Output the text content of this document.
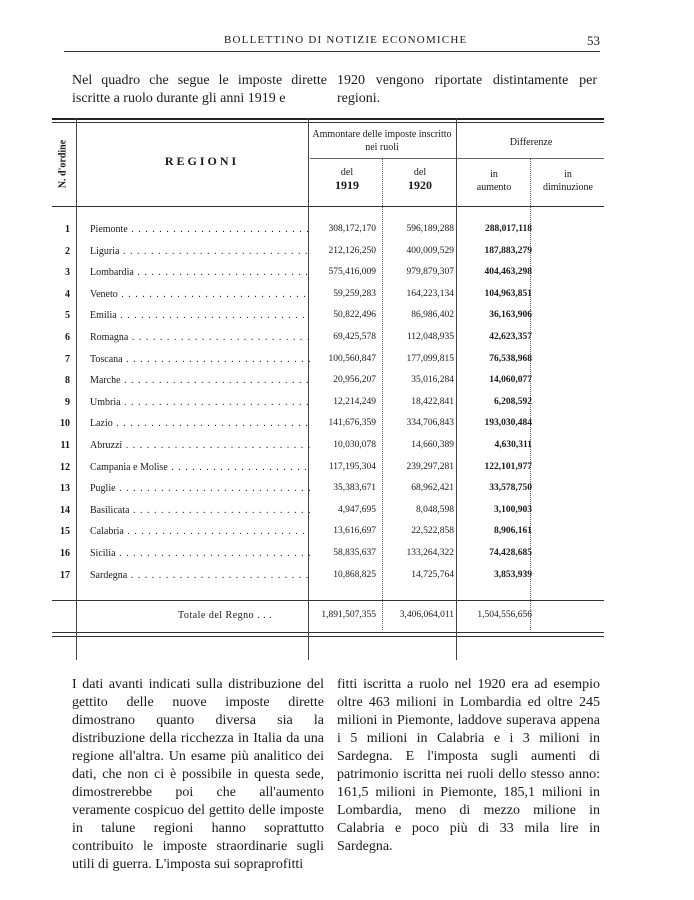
BOLLETTINO DI NOTIZIE ECONOMICHE	53

Nel quadro che segue le imposte dirette iscritte a ruolo durante gli anni 1919 e

1920 vengono riportate distintamente per regioni.

N. d'ordine	REGIONI
Ammontare delle imposte inscritto nei ruoli
del
1919
del
1920
Differenze
in
aumento
in
diminuzione
1 Piemonte . . .	308,172,170	596,189,288	288,017,118
2 Liguria . . .	212,126,250	400,009,529	187,883,279
3 Lombardia . . .	575,416,009	979,879,307	404,463,298
4 Veneto . . .	59,259,283	164,223,134	104,963,851
5 Emilia . . .	50,822,496	86,986,402	36,163,906
6 Romagna . . .	69,425,578	112,048,935	42,623,357
7 Toscana . . .	100,560,847	177,099,815	76,538,968
8 Marche . . .	20,956,207	35,016,284	14,060,077
9 Umbria . . .	12,214,249	18,422,841	6,208,592
10 Lazio . . .	141,676,359	334,706,843	193,030,484
11 Abruzzi . . .	10,030,078	14,660,389	4,630,311
12 Campania e Molise . . .	117,195,304	239,297,281	122,101,977
13 Puglie . . .	35,383,671	68,962,421	33,578,750
14 Basilicata . . .	4,947,695	8,048,598	3,100,903
15 Calabria . . .	13,616,697	22,522,858	8,906,161
16 Sicilia . . .	58,835,637	133,264,322	74,428,685
17 Sardegna . . .	10,868,825	14,725,764	3,853,939
Totale del Regno . . .	1,891,507,355	3,406,064,011	1,504,556,656

I dati avanti indicati sulla distribuzione del gettito delle nuove imposte dirette dimostrano quanto diversa sia la distribuzione della ricchezza in Italia da una regione all'altra. Un esame più analitico dei dati, che non ci è possibile in questa sede, dimostrerebbe poi che all'aumento veramente cospicuo del gettito delle imposte in talune regioni hanno soprattutto contribuito le imposte straordinarie sugli utili di guerra. L'imposta sui sopraprofitti

fitti iscritta a ruolo nel 1920 era ad esempio oltre 463 milioni in Lombardia ed oltre 245 milioni in Piemonte, laddove superava appena i 5 milioni in Calabria e i 3 milioni in Sardegna. E l'imposta sugli aumenti di patrimonio iscritta nei ruoli dello stesso anno: 161,5 milioni in Piemonte, 185,1 milioni in Lombardia, meno di mezzo milione in Calabria e poco più di 33 mila lire in Sardegna.
